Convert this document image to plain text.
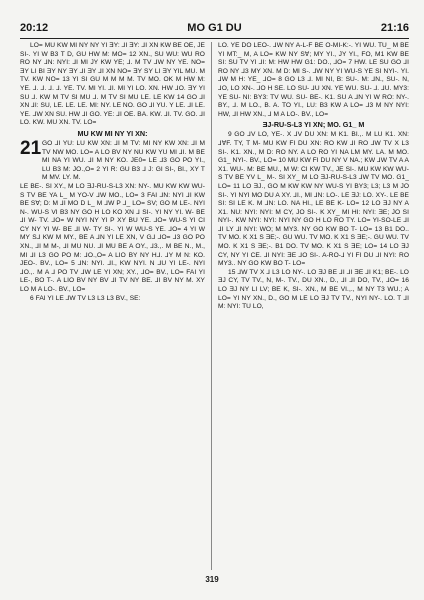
20:12	MO G1 DU	21:16

LO= MU KW MI NY NY YI ƎY: ⅃I ƎY: ⅃I XN KW BE OE, JE SI-. YI W B3 T D, GU HW M: MO= 12 XN., SU WU: WU RO RO NY ⅃N: NYI: ⅃I MI JY KW YE; ⅃. M TV ⅃W NY YE. NO= ƎY LI BI ƎY NY ƎY ⅃I ƎY ⅃I XN NO= ƎY SY LI ƎY YIL MU. M TV. KW NO= 13 YI SI GU M M M M. TV MO. OK M HW M: YE. ⅃. ⅃. ⅃. ⅃. YE. TV. MI YI. ⅃I. MI YI LO. XN. HW ⅃O. ƎY YI SU ⅃. KW M TV SI MU ⅃. M TV SI MU LE. LE KW 14 GO ⅃I XN ⅃I: SU, LE. LE. LE. MI: NY. LE NO. GO ⅃I YU. Y LE. ⅃I LE. YE. ⅃W XN SU. HW ⅃I GO. YE: ⅃I OE. BA. KW. ⅃I. TV. GO. ⅃I LO. KW. MU XN. TV. LO=

MU KW MI NY YI XN:
21 GO ⅃I YU: LU KW XN: ⅃I M TV: MI NY KW XN: ⅃I M TV NW MO. LO= A LO BV NY NU KW YU MI ⅃I. M BE MI NA YI WU. ⅃I M NY KO. JE0= LE ⅃3 GO PO YI., LU B3 M: JO.,O= 2 YI R: GU B3 ⅃ J: GI SI-, BI., XY T M MV. LY. M.

LE BE-. SI XY., M LO ƎJ-RU-S-L3 XN: NY-. MU KW KW WU-S TV BE YA L_ M YO-V ⅃W MO., LO= 3 FAI ⅃N: NYI ⅃I KW BE SⱯ; D: M ⅃I MO D L_ M ⅃W P ⅃_ LO= SV; GO M LE-. NYI N-. WU-S VI B3 NY GO H LO KO XN ⅃ SI-. YI NY YI. W- BE ⅃I W- TV. ⅃O= W NYI NY YI P XY BU YE. ⅃O= WU-S YI CI CY NY YI W- BE ⅃I W- TY SI-. YI W WU-S YE. ⅃O= 4 YI W MY S⅃ KW M MY., BE A ⅃N YI LE XN, V G⅃ ⅃O= ⅃3 GO PO XN., ⅃I M M-, ⅃I MU NU. ⅃I MU BE A OY., ⅃3.,. M BE N., M., MI ⅃I L3 GO PO M: ⅃O.,O= A LIO BY NY H⅃. ⅃Y M N: KO. JEO-. BV., LO= 5 ⅃N: NYI. ⅃I., KW NYI. N ⅃U YI LE-. NYI ⅃O.,. M A ⅃ PO TV ⅃W LE YI XN; XY., ⅃O= BV., LO= FAI YI LE-, BO T-. A LIO BV NY BV ⅃I TV NY BE. ⅃I BV NY M. XY LO M A LO-. BV., LO=

6 FAI YI LE ⅃W TV L3 L3 L3 BV., SE:

LO. YE DO LEO-. ⅃W NY A-L-F BE O-MI-K:-. YI WU. TU_ M BE YI MT:_ M, A LO= KW NY SⱯ; MY YI., JY YI., FO, M1 KW BE SI: SU TV YI ⅃I: M: HW HW G1: DO., ⅃O= 7 HW. LE SU GO ⅃I RO NY ⅃3 MY XN. M D: MI S-. ⅃W NY YI WU-S YE SI NYI-. YI. ⅃W M H: YE_ ⅃O= 8 GO L3 ⅃. MI NI, B: SU-. M: ⅃N., SU-. N, ⅃O, LO XN-. ⅃O H SE. LO SU- ⅃U XN. YE WU. SU- ⅃. ⅃U. MY3: YE SU- NI: BY3: TV WU. SU- BE-. K1. SU A ⅃N YI W RO: NY-. BY., ⅃. M LO., B. A. TO YI., LU: B3 KW A LO= ⅃3 M NY NYI: HW, ⅃I HW XN., ⅃ M A LO-. BV., LO=

ƎJ-RU-S-L3 YI XN; MO. G1_ M

9 GO ⅃V LO, YE-. X ⅃V DU XN: M K1. BI.,. M LU K1. XN: ⅃ⱯF. TY, T M- MU KW FI DU XN: RO KW ⅃I RO ⅃W TV X L3 SI-. K1. XN., M D: RO NY. A LO RO YI NA LM MY. LA. M MO. G1_ NYI-. BV., LO= 10 MU KW FI DU NY V NA.; KW ⅃W TV A A X1. WU-. M: BE MU., M W: CI KW TV., JE SI-. MU KW KW WU-S TV BE YV L_ M-. SI XY_ M LO ƎJ-RU-S-L3 ⅃W TV MO. G1_ LO= 11 LO ƎJ., GO M KW KW NY WU-S YI BY3; L3; L3 M JO SI-. YI NYI MO DU A XY. ⅃I., MI ⅃N: LO-. LE ƎJ: LO. XY-. LE BE SI: SI LE K. M ⅃N: LO. NA HI., LE BE K- LO= 12 LO ƎJ NY A X1. NU: NYI: NYI: M CY, JO SI-. K XY_ MI HI: NYI: ƎE; JO SI NYI-. KW NYI: NYI: NYI NY GO H LO RO TY. LO= YI-SO-LE ⅃I ⅃I LY ⅃I NYI: WO; M MY3. NY GO KW BO T- LO= 13 B1 DO.. TV MO. K X1 S ƎE;-. GU WU. TV MO. K X1 S ƎE;-. GU WU. TV MO. K X1 S ƎE;-. B1 DO. TV MO. K X1 S ƎE; LO= 14 LO ƎJ CY, NY YI CE. ⅃I NYI: ƎE ⅃O SI-. A-RO-⅃ YI FI DU ⅃I NYI: RO MY3.. NY GO KW BO T- LO=

15 ⅃W TV X ⅃ L3 LO NY-. LO ƎJ BE ⅃I ⅃I ƎE ⅃I K1; BE-. LO ƎJ CY, TV TV., N, M-. TV., DU XN., D., ⅃I ⅃I DO, TV., ⅃O= 16 LO ƎJ NY LI LV; BE K, SI-. XN., M BE VI.,., M NY T3 WU.; A LO= YI NY XN., D., GO M LE LO ƎJ TV TV., NYI NY-. LO. T ⅃I M: NYI: TU LO,

319
